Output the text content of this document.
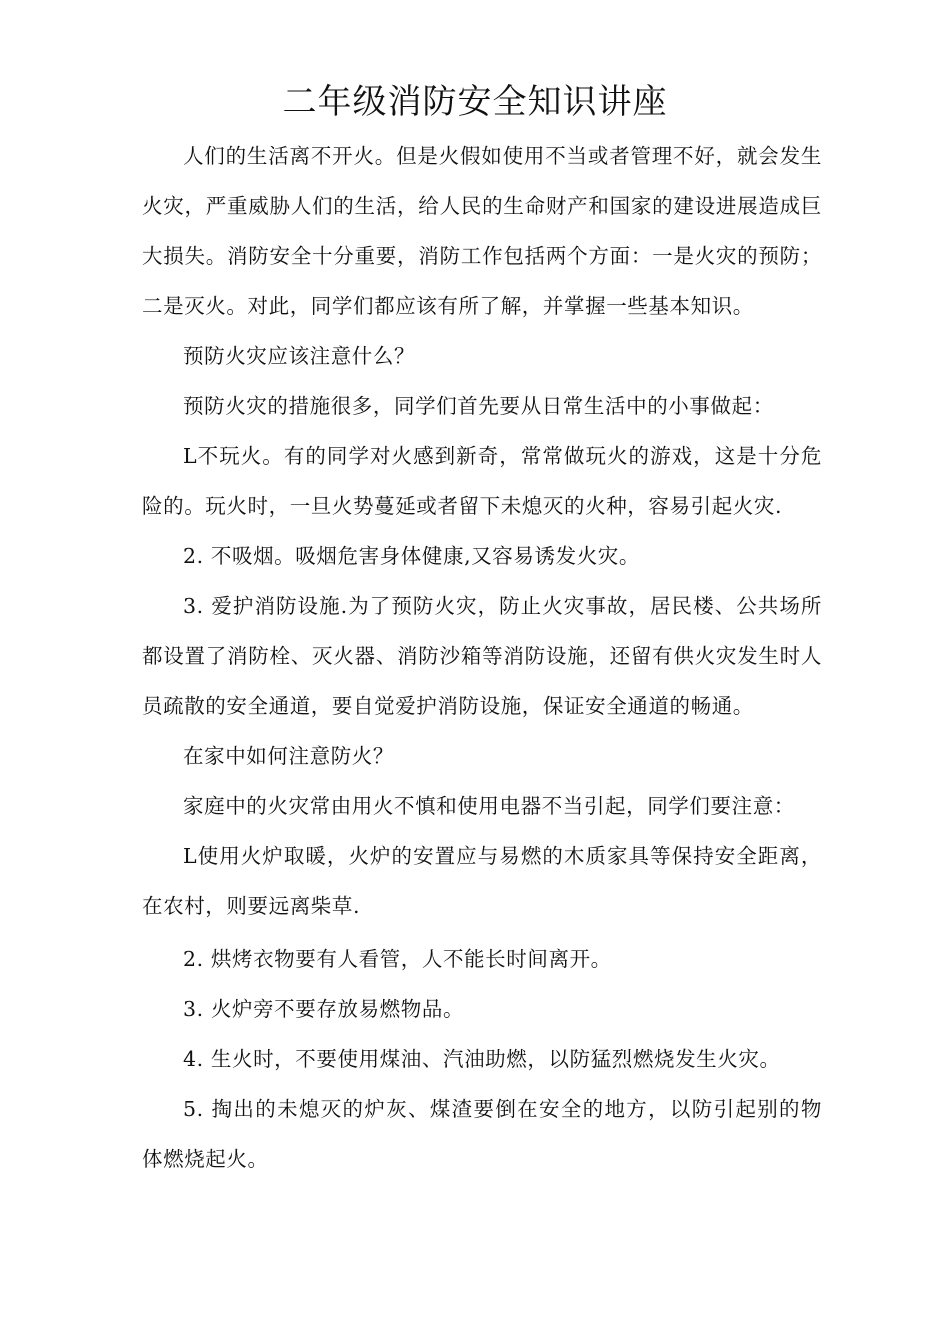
二年级消防安全知识讲座

人们的生活离不开火。但是火假如使用不当或者管理不好，就会发生火灾，严重威胁人们的生活，给人民的生命财产和国家的建设进展造成巨大损失。消防安全十分重要，消防工作包括两个方面：一是火灾的预防；二是灭火。对此，同学们都应该有所了解，并掌握一些基本知识。

预防火灾应该注意什么？

预防火灾的措施很多，同学们首先要从日常生活中的小事做起：

L不玩火。有的同学对火感到新奇，常常做玩火的游戏，这是十分危险的。玩火时，一旦火势蔓延或者留下未熄灭的火种，容易引起火灾.

2. 不吸烟。吸烟危害身体健康,又容易诱发火灾。

3. 爱护消防设施.为了预防火灾，防止火灾事故，居民楼、公共场所都设置了消防栓、灭火器、消防沙箱等消防设施，还留有供火灾发生时人员疏散的安全通道，要自觉爱护消防设施，保证安全通道的畅通。

在家中如何注意防火？

家庭中的火灾常由用火不慎和使用电器不当引起，同学们要注意：

L使用火炉取暖，火炉的安置应与易燃的木质家具等保持安全距离，在农村，则要远离柴草.

2. 烘烤衣物要有人看管，人不能长时间离开。

3. 火炉旁不要存放易燃物品。

4. 生火时，不要使用煤油、汽油助燃，以防猛烈燃烧发生火灾。

5. 掏出的未熄灭的炉灰、煤渣要倒在安全的地方，以防引起别的物体燃烧起火。
